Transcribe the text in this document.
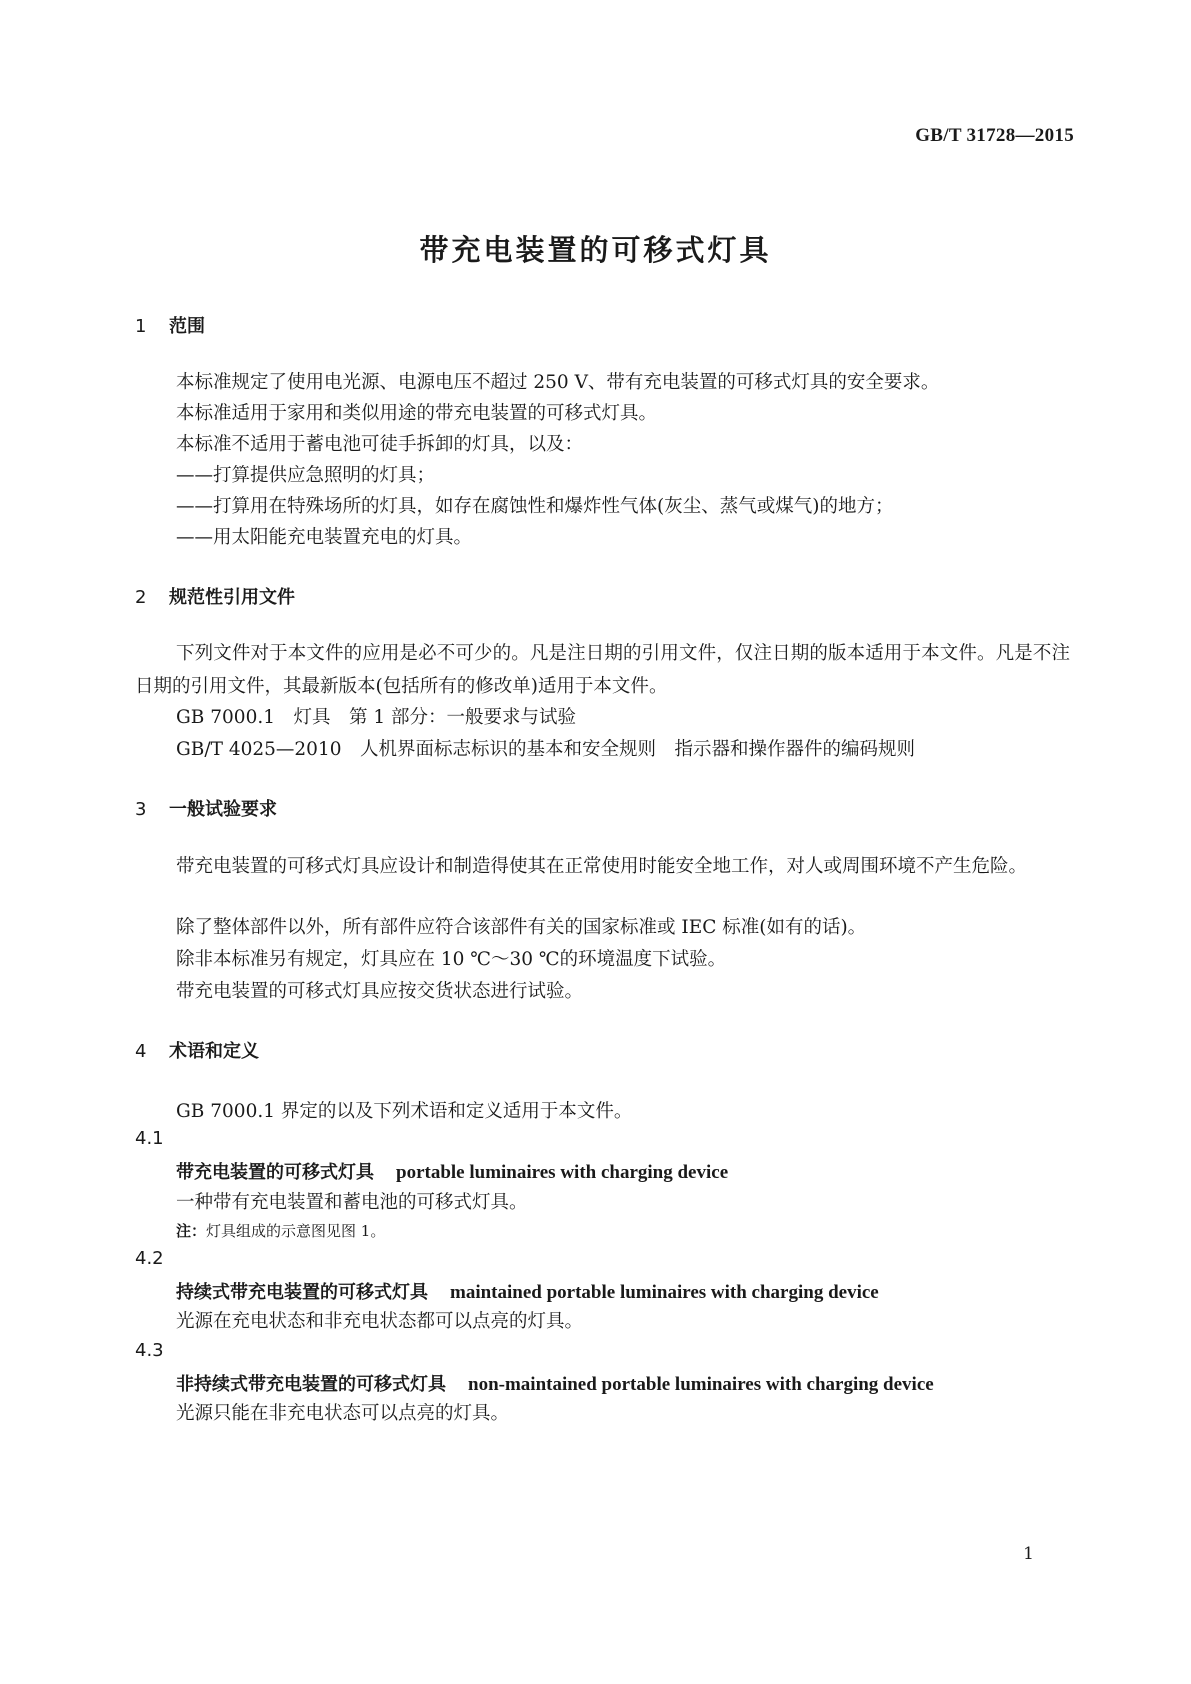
GB/T 31728—2015
带充电装置的可移式灯具
1 范围
本标准规定了使用电光源、电源电压不超过 250 V、带有充电装置的可移式灯具的安全要求。
本标准适用于家用和类似用途的带充电装置的可移式灯具。
本标准不适用于蓄电池可徒手拆卸的灯具，以及：
——打算提供应急照明的灯具；
——打算用在特殊场所的灯具，如存在腐蚀性和爆炸性气体(灰尘、蒸气或煤气)的地方；
——用太阳能充电装置充电的灯具。
2 规范性引用文件
下列文件对于本文件的应用是必不可少的。凡是注日期的引用文件，仅注日期的版本适用于本文件。凡是不注日期的引用文件，其最新版本(包括所有的修改单)适用于本文件。
GB 7000.1　灯具　第 1 部分：一般要求与试验
GB/T 4025—2010　人机界面标志标识的基本和安全规则　指示器和操作器件的编码规则
3 一般试验要求
带充电装置的可移式灯具应设计和制造得使其在正常使用时能安全地工作，对人或周围环境不产生危险。
除了整体部件以外，所有部件应符合该部件有关的国家标准或 IEC 标准(如有的话)。
除非本标准另有规定，灯具应在 10 ℃～30 ℃的环境温度下试验。
带充电装置的可移式灯具应按交货状态进行试验。
4 术语和定义
GB 7000.1 界定的以及下列术语和定义适用于本文件。
4.1
带充电装置的可移式灯具 portable luminaires with charging device
一种带有充电装置和蓄电池的可移式灯具。
注：灯具组成的示意图见图 1。
4.2
持续式带充电装置的可移式灯具 maintained portable luminaires with charging device
光源在充电状态和非充电状态都可以点亮的灯具。
4.3
非持续式带充电装置的可移式灯具 non-maintained portable luminaires with charging device
光源只能在非充电状态可以点亮的灯具。
1
